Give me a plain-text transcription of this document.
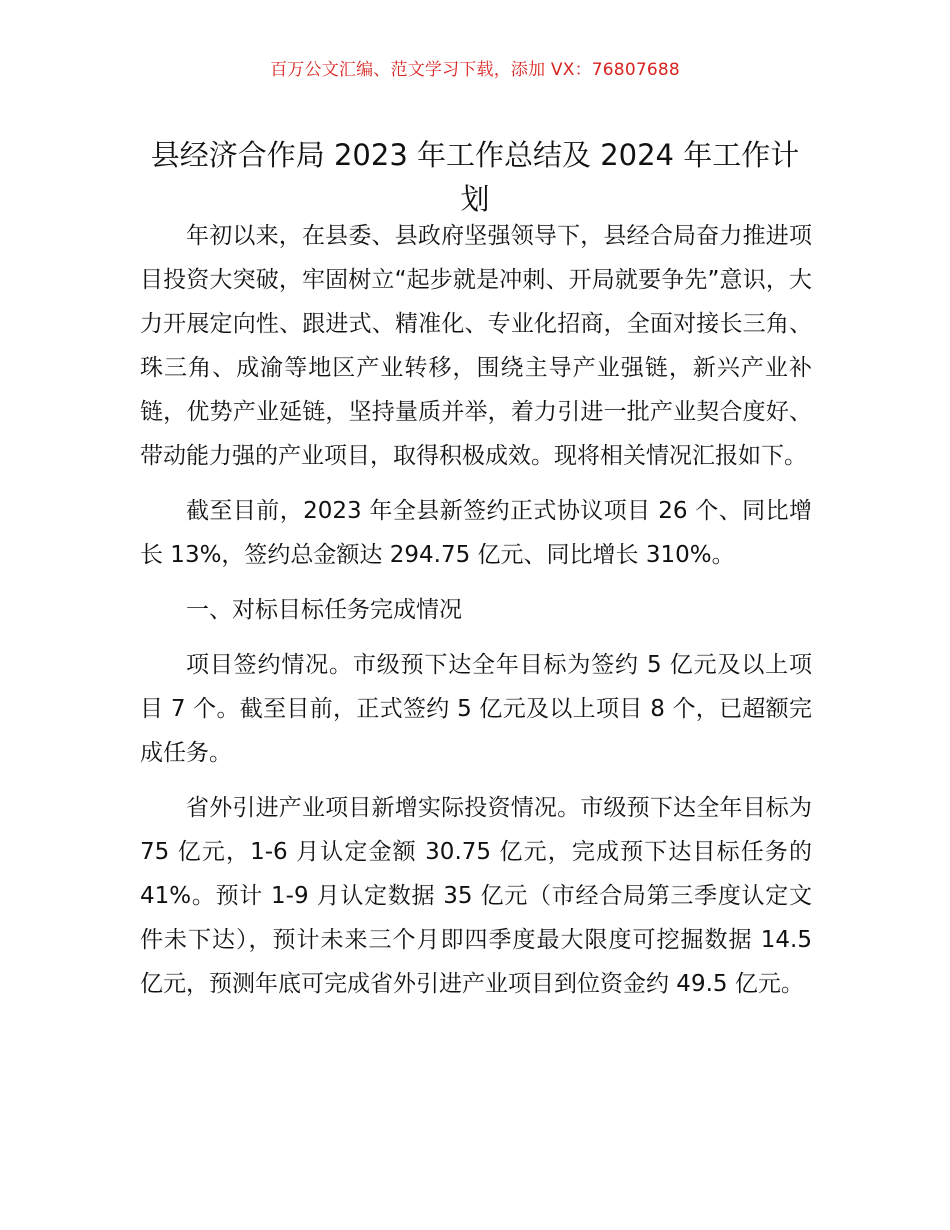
百万公文汇编、范文学习下载，添加 VX：76807688
县经济合作局 2023 年工作总结及 2024 年工作计划

年初以来，在县委、县政府坚强领导下，县经合局奋力推进项目投资大突破，牢固树立“起步就是冲刺、开局就要争先”意识，大力开展定向性、跟进式、精准化、专业化招商，全面对接长三角、珠三角、成渝等地区产业转移，围绕主导产业强链，新兴产业补链，优势产业延链，坚持量质并举，着力引进一批产业契合度好、带动能力强的产业项目，取得积极成效。现将相关情况汇报如下。

截至目前，2023 年全县新签约正式协议项目 26 个、同比增长 13%，签约总金额达 294.75 亿元、同比增长 310%。

一、对标目标任务完成情况

项目签约情况。市级预下达全年目标为签约 5 亿元及以上项目 7 个。截至目前，正式签约 5 亿元及以上项目 8 个，已超额完成任务。

省外引进产业项目新增实际投资情况。市级预下达全年目标为 75 亿元，1-6 月认定金额 30.75 亿元，完成预下达目标任务的 41%。预计 1-9 月认定数据 35 亿元（市经合局第三季度认定文件未下达），预计未来三个月即四季度最大限度可挖掘数据 14.5 亿元，预测年底可完成省外引进产业项目到位资金约 49.5 亿元。
